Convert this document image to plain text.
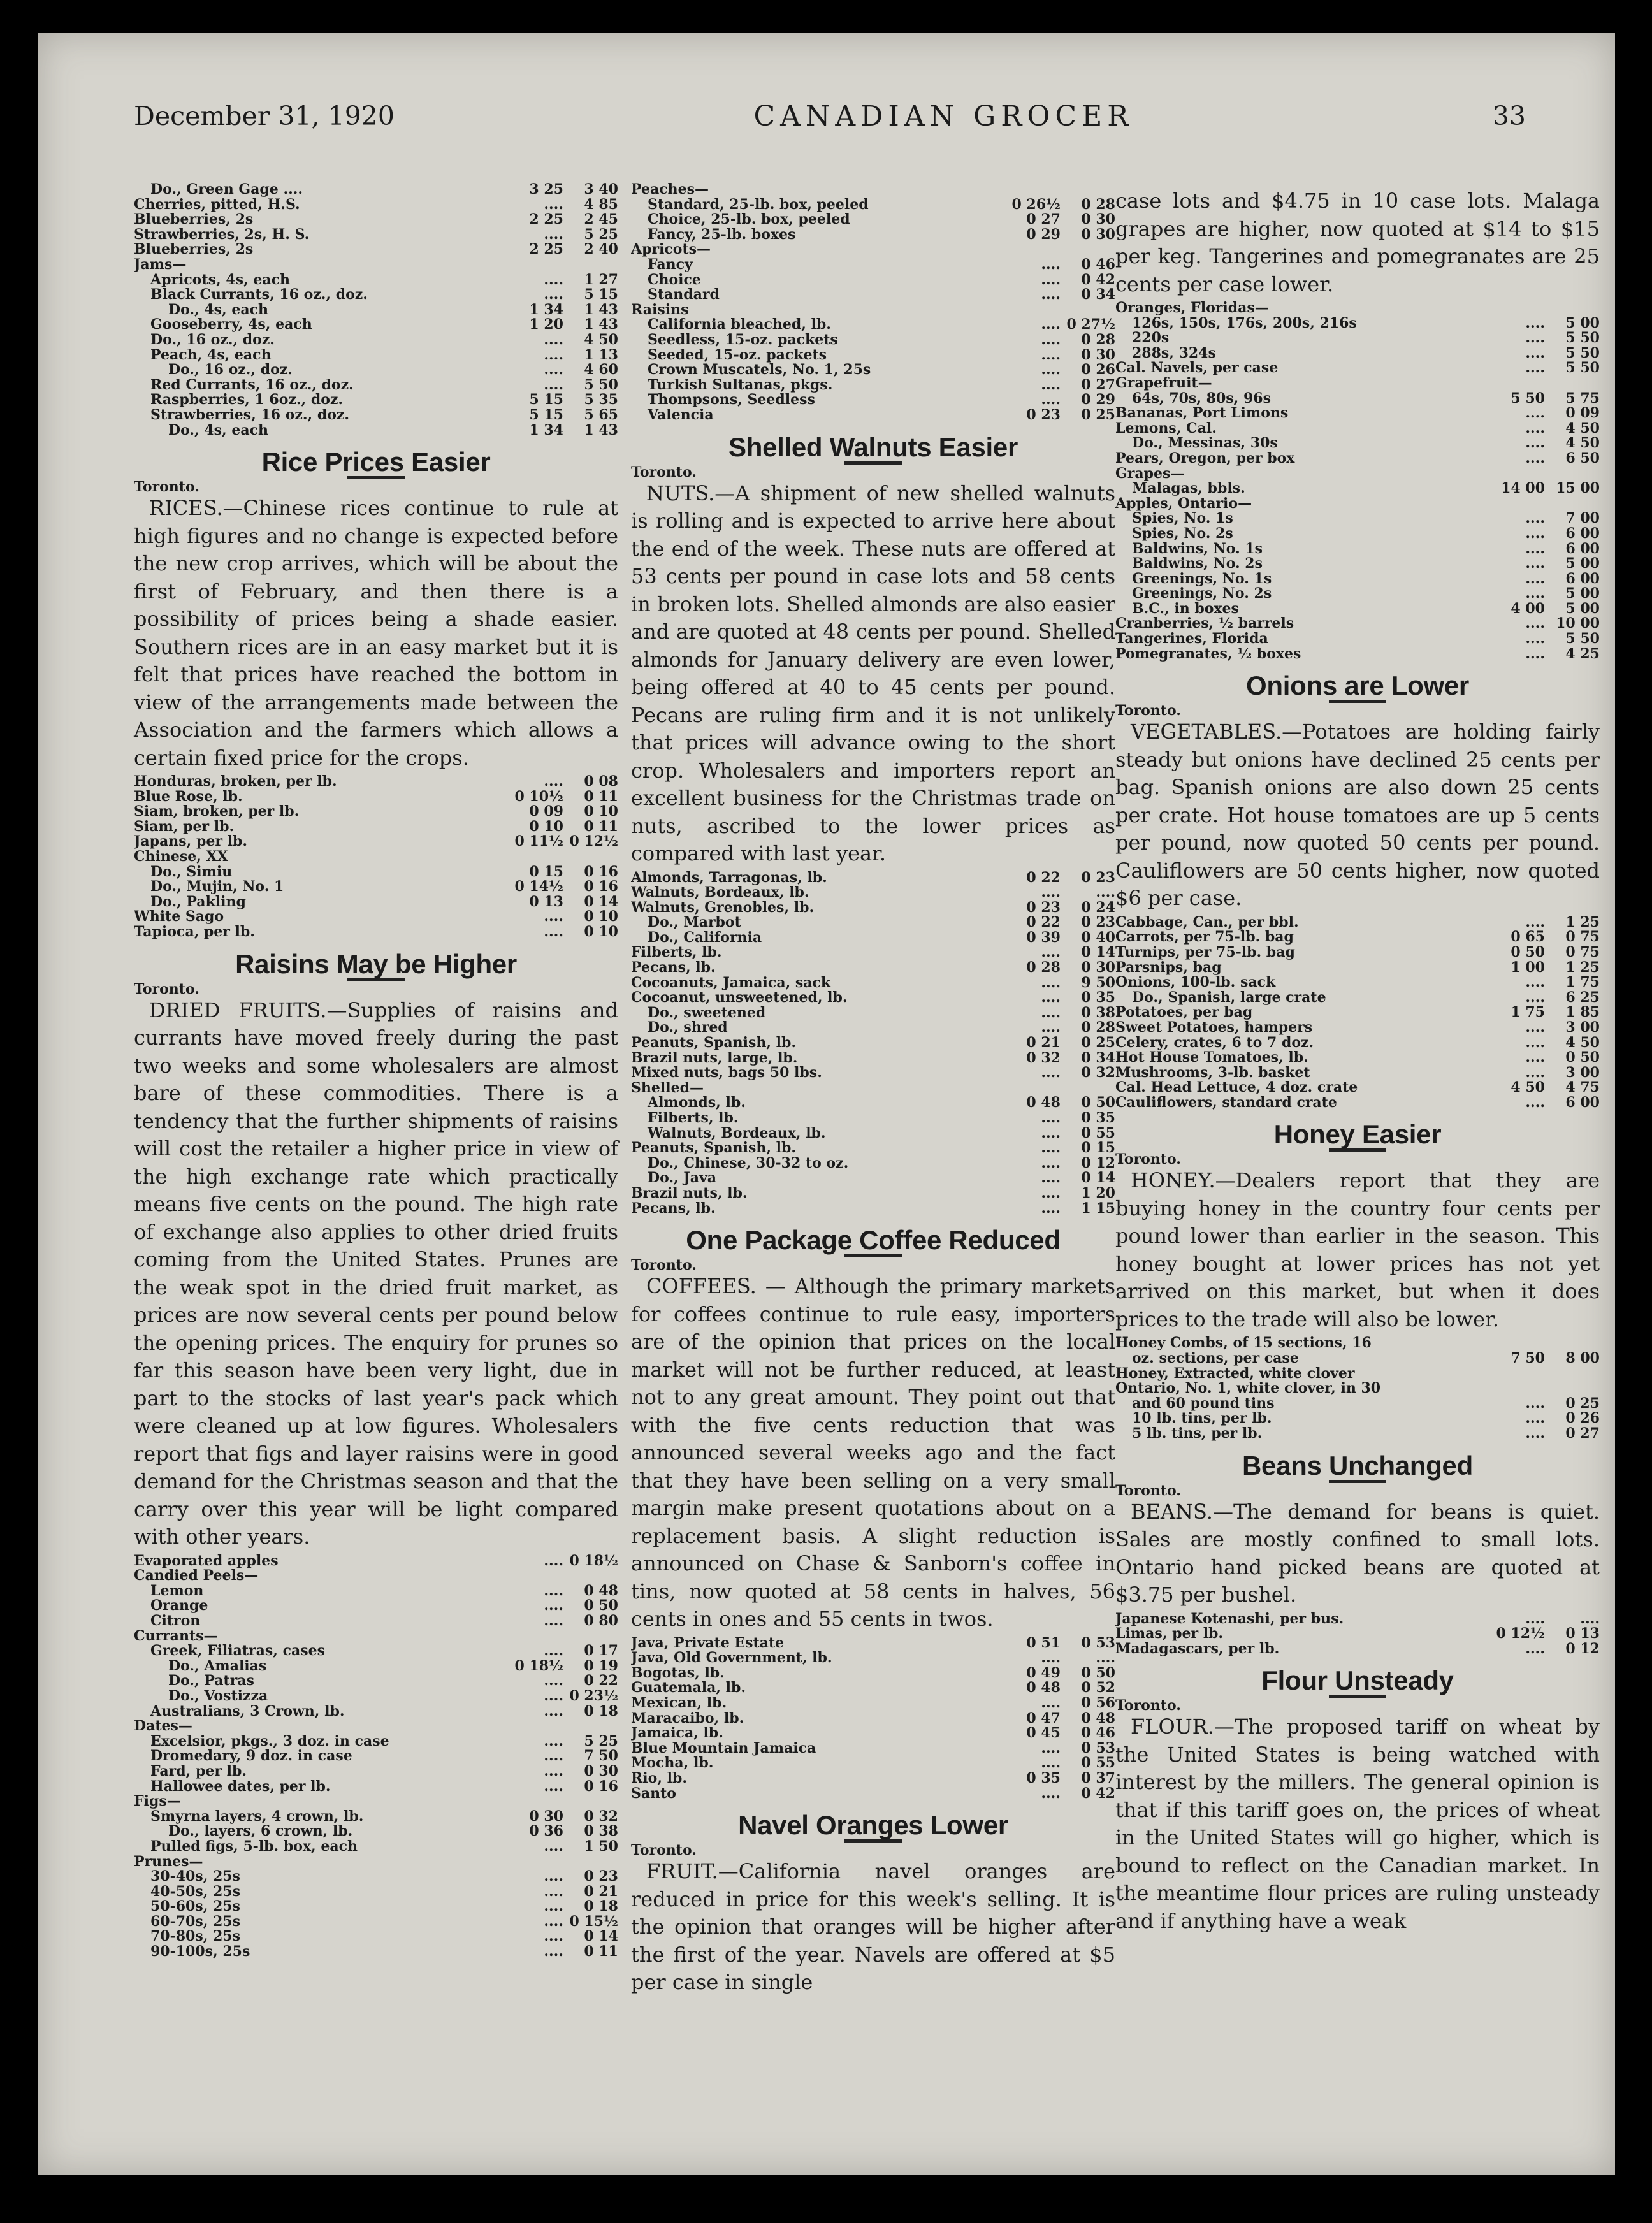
December 31, 1920	CANADIAN GROCER	33
Do., Green Gage ....	3 25	3 40
Cherries, pitted, H.S.	....	4 85
Blueberries, 2s	2 25	2 45
Strawberries, 2s, H. S.	....	5 25
Blueberries, 2s	2 25	2 40
Jams—
Apricots, 4s, each	....	1 27
Black Currants, 16 oz., doz.	....	5 15
Do., 4s, each	1 34	1 43
Gooseberry, 4s, each	1 20	1 43
Do., 16 oz., doz.	....	4 50
Peach, 4s, each	....	1 13
Do., 16 oz., doz.	....	4 60
Red Currants, 16 oz., doz.	....	5 50
Raspberries, 1 6oz., doz.	5 15	5 35
Strawberries, 16 oz., doz.	5 15	5 65
Do., 4s, each	1 34	1 43
Rice Prices Easier

Toronto.

RICES.—Chinese rices continue to rule at high figures and no change is expected before the new crop arrives, which will be about the first of February, and then there is a possibility of prices being a shade easier. Southern rices are in an easy market but it is felt that prices have reached the bottom in view of the arrangements made between the Association and the farmers which allows a certain fixed price for the crops.

Honduras, broken, per lb.	....	0 08
Blue Rose, lb.	0 10½	0 11
Siam, broken, per lb.	0 09	0 10
Siam, per lb.	0 10	0 11
Japans, per lb.	0 11½ 0 12½
Chinese, XX
Do., Simiu	0 15	0 16
Do., Mujin, No. 1	0 14½	0 16
Do., Pakling	0 13	0 14
White Sago	....	0 10
Tapioca, per lb.	....	0 10
Raisins May be Higher

Toronto.

DRIED FRUITS.—Supplies of raisins and currants have moved freely during the past two weeks and some wholesalers are almost bare of these commodities. There is a tendency that the further shipments of raisins will cost the retailer a higher price in view of the high exchange rate which practically means five cents on the pound. The high rate of exchange also applies to other dried fruits coming from the United States. Prunes are the weak spot in the dried fruit market, as prices are now several cents per pound below the opening prices. The enquiry for prunes so far this season have been very light, due in part to the stocks of last year's pack which were cleaned up at low figures. Wholesalers report that figs and layer raisins were in good demand for the Christmas season and that the carry over this year will be light compared with other years.

Evaporated apples	.... 0 18½
Candied Peels—
Lemon	....	0 48
Orange	....	0 50
Citron	....	0 80
Currants—
Greek, Filiatras, cases	....	0 17
Do., Amalias	0 18½	0 19
Do., Patras	....	0 22
Do., Vostizza	.... 0 23½
Australians, 3 Crown, lb.	....	0 18
Dates—
Excelsior, pkgs., 3 doz. in case	....	5 25
Dromedary, 9 doz. in case	....	7 50
Fard, per lb.	....	0 30
Hallowee dates, per lb.	....	0 16
Figs—
Smyrna layers, 4 crown, lb.	0 30	0 32
Do., layers, 6 crown, lb.	0 36	0 38
Pulled figs, 5-lb. box, each	....	1 50
Prunes—
30-40s, 25s	....	0 23
40-50s, 25s	....	0 21
50-60s, 25s	....	0 18
60-70s, 25s	.... 0 15½
70-80s, 25s	....	0 14
90-100s, 25s	....	0 11
Peaches—
Standard, 25-lb. box, peeled	0 26½	0 28
Choice, 25-lb. box, peeled	0 27	0 30
Fancy, 25-lb. boxes	0 29	0 30
Apricots—
Fancy	....	0 46
Choice	....	0 42
Standard	....	0 34
Raisins
California bleached, lb.	.... 0 27½
Seedless, 15-oz. packets	....	0 28
Seeded, 15-oz. packets	....	0 30
Crown Muscatels, No. 1, 25s	....	0 26
Turkish Sultanas, pkgs.	....	0 27
Thompsons, Seedless	....	0 29
Valencia	0 23	0 25
Shelled Walnuts Easier

Toronto.

NUTS.—A shipment of new shelled walnuts is rolling and is expected to arrive here about the end of the week. These nuts are offered at 53 cents per pound in case lots and 58 cents in broken lots. Shelled almonds are also easier and are quoted at 48 cents per pound. Shelled almonds for January delivery are even lower, being offered at 40 to 45 cents per pound. Pecans are ruling firm and it is not unlikely that prices will advance owing to the short crop. Wholesalers and importers report an excellent business for the Christmas trade on nuts, ascribed to the lower prices as compared with last year.

Almonds, Tarragonas, lb.	0 22	0 23
Walnuts, Bordeaux, lb.	....	....
Walnuts, Grenobles, lb.	0 23	0 24
Do., Marbot	0 22	0 23
Do., California	0 39	0 40
Filberts, lb.	....	0 14
Pecans, lb.	0 28	0 30
Cocoanuts, Jamaica, sack	....	9 50
Cocoanut, unsweetened, lb.	....	0 35
Do., sweetened	....	0 38
Do., shred	....	0 28
Peanuts, Spanish, lb.	0 21	0 25
Brazil nuts, large, lb.	0 32	0 34
Mixed nuts, bags 50 lbs.	....	0 32
Shelled—
Almonds, lb.	0 48	0 50
Filberts, lb.	....	0 35
Walnuts, Bordeaux, lb.	....	0 55
Peanuts, Spanish, lb.	....	0 15
Do., Chinese, 30-32 to oz.	....	0 12
Do., Java	....	0 14
Brazil nuts, lb.	....	1 20
Pecans, lb.	....	1 15
One Package Coffee Reduced

Toronto.

COFFEES. — Although the primary markets for coffees continue to rule easy, importers are of the opinion that prices on the local market will not be further reduced, at least not to any great amount. They point out that with the five cents reduction that was announced several weeks ago and the fact that they have been selling on a very small margin make present quotations about on a replacement basis. A slight reduction is announced on Chase & Sanborn's coffee in tins, now quoted at 58 cents in halves, 56 cents in ones and 55 cents in twos.

Java, Private Estate	0 51	0 53
Java, Old Government, lb.	....	....
Bogotas, lb.	0 49	0 50
Guatemala, lb.	0 48	0 52
Mexican, lb.	....	0 56
Maracaibo, lb.	0 47	0 48
Jamaica, lb.	0 45	0 46
Blue Mountain Jamaica	....	0 53
Mocha, lb.	....	0 55
Rio, lb.	0 35	0 37
Santo	....	0 42
Navel Oranges Lower

Toronto.

FRUIT.—California navel oranges are reduced in price for this week's selling. It is the opinion that oranges will be higher after the first of the year. Navels are offered at $5 per case in single

case lots and $4.75 in 10 case lots. Malaga grapes are higher, now quoted at $14 to $15 per keg. Tangerines and pomegranates are 25 cents per case lower.

Oranges, Floridas—
126s, 150s, 176s, 200s, 216s	....	5 00
220s	....	5 50
288s, 324s	....	5 50
Cal. Navels, per case	....	5 50
Grapefruit—
64s, 70s, 80s, 96s	5 50	5 75
Bananas, Port Limons	....	0 09
Lemons, Cal.	....	4 50
Do., Messinas, 30s	....	4 50
Pears, Oregon, per box	....	6 50
Grapes—
Malagas, bbls.	14 00 15 00
Apples, Ontario—
Spies, No. 1s	....	7 00
Spies, No. 2s	....	6 00
Baldwins, No. 1s	....	6 00
Baldwins, No. 2s	....	5 00
Greenings, No. 1s	....	6 00
Greenings, No. 2s	....	5 00
B.C., in boxes	4 00	5 00
Cranberries, ½ barrels	.... 10 00
Tangerines, Florida	....	5 50
Pomegranates, ½ boxes	....	4 25
Onions are Lower

Toronto.

VEGETABLES.—Potatoes are holding fairly steady but onions have declined 25 cents per bag. Spanish onions are also down 25 cents per crate. Hot house tomatoes are up 5 cents per pound, now quoted 50 cents per pound. Cauliflowers are 50 cents higher, now quoted $6 per case.

Cabbage, Can., per bbl.	....	1 25
Carrots, per 75-lb. bag	0 65	0 75
Turnips, per 75-lb. bag	0 50	0 75
Parsnips, bag	1 00	1 25
Onions, 100-lb. sack	....	1 75
Do., Spanish, large crate	....	6 25
Potatoes, per bag	1 75	1 85
Sweet Potatoes, hampers	....	3 00
Celery, crates, 6 to 7 doz.	....	4 50
Hot House Tomatoes, lb.	....	0 50
Mushrooms, 3-lb. basket	....	3 00
Cal. Head Lettuce, 4 doz. crate	4 50	4 75
Cauliflowers, standard crate	....	6 00
Honey Easier

Toronto.

HONEY.—Dealers report that they are buying honey in the country four cents per pound lower than earlier in the season. This honey bought at lower prices has not yet arrived on this market, but when it does prices to the trade will also be lower.

Honey Combs, of 15 sections, 16
oz. sections, per case	7 50	8 00
Honey, Extracted, white clover
Ontario, No. 1, white clover, in 30
and 60 pound tins	....	0 25
10 lb. tins, per lb.	....	0 26
5 lb. tins, per lb.	....	0 27
Beans Unchanged

Toronto.

BEANS.—The demand for beans is quiet. Sales are mostly confined to small lots. Ontario hand picked beans are quoted at $3.75 per bushel.

Japanese Kotenashi, per bus.	....	....
Limas, per lb.	0 12½	0 13
Madagascars, per lb.	....	0 12
Flour Unsteady

Toronto.

FLOUR.—The proposed tariff on wheat by the United States is being watched with interest by the millers. The general opinion is that if this tariff goes on, the prices of wheat in the United States will go higher, which is bound to reflect on the Canadian market. In the meantime flour prices are ruling unsteady and if anything have a weak
